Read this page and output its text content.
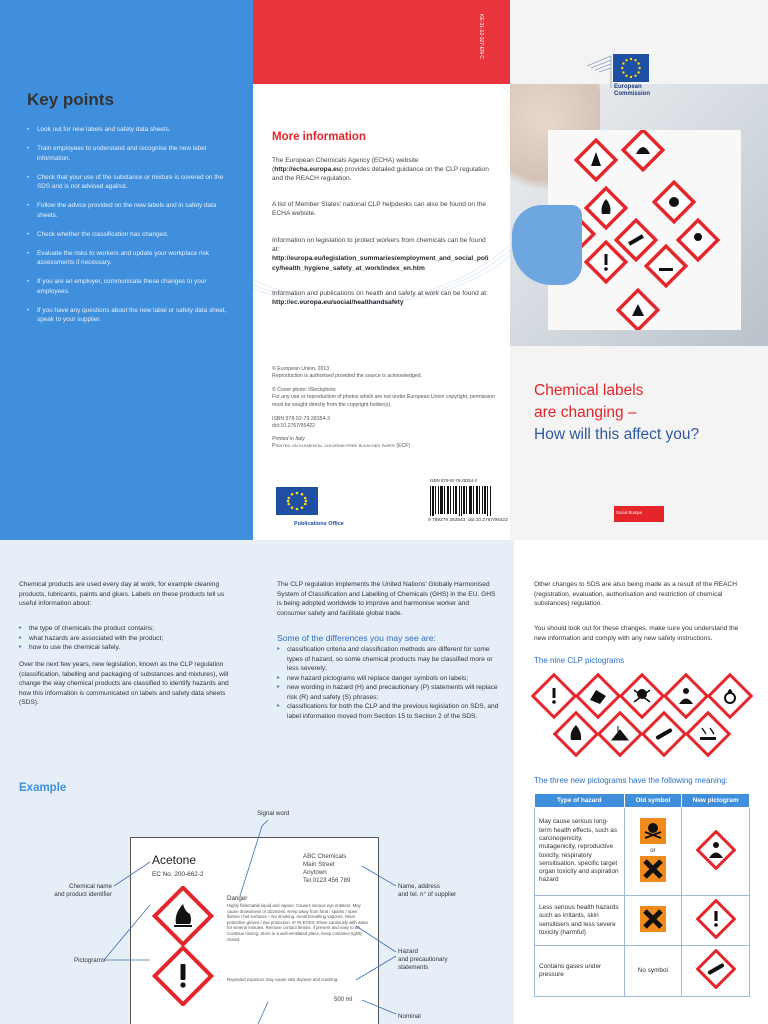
Key points
• Look out for new labels and safety data sheets.
• Train employees to understand and recognise the new label information.
• Check that your use of the substance or mixture is covered on the SDS and is not advised against.
• Follow the advice provided on the new labels and in safety data sheets.
• Check whether the classification has changed.
• Evaluate the risks to workers and update your workplace risk assessments if necessary.
• If you are an employer, communicate these changes to your employees.
• If you have any questions about the new label or safety data sheet, speak to your supplier.
KE-31-12-327-EN-C
More information
The European Chemicals Agency (ECHA) website (http://echa.europa.eu) provides detailed guidance on the CLP regulation and the REACH regulation.
A list of Member States' national CLP helpdesks can also be found on the ECHA website.
Information on legislation to protect workers from chemicals can be found at:
http://europa.eu/legislation_summaries/employment_and_social_policy/health_hygiene_safety_at_work/index_en.htm
Information and publications on health and safety at work can be found at:
http://ec.europa.eu/social/healthandsafety
© European Union, 2013
Reproduction is authorised provided the source is acknowledged.
© Cover photo: iStockphoto
For any use or reproduction of photos which are not under European Union copyright, permission must be sought directly from the copyright holder(s).
ISBN 978-92-79-28354-3
doi:10.2767/95422
Printed in Italy
Printed on elemental chlorine-free bleached paper (ECF)
Publications Office
ISBN 978-92-79-28354-3
9 789279 283543 doi:10.2767/95422
European
Commission
Chemical labels
are changing –
How will this affect you?
Social Europe
Chemical products are used every day at work, for example cleaning products, lubricants, paints and glues. Labels on these products tell us useful information about:
▸ the type of chemicals the product contains;
▸ what hazards are associated with the product;
▸ how to use the chemical safely.
Over the next few years, new legislation, known as the CLP regulation (classification, labelling and packaging of substances and mixtures), will change the way chemical products are classified to identify hazards and how this information is communicated on labels and safety data sheets (SDS).
Example
The CLP regulation implements the United Nations' Globally Harmonised System of Classification and Labelling of Chemicals (GHS) in the EU. GHS is being adopted worldwide to improve and harmonise worker and consumer safety and facilitate global trade.
Some of the differences you may see are:
▸ classification criteria and classification methods are different for some types of hazard, so some chemical products may be classified more or less severely;
▸ new hazard pictograms will replace danger symbols on labels;
▸ new wording in hazard (H) and precautionary (P) statements will replace risk (R) and safety (S) phrases;
▸ classifications for both the CLP and the previous legislation on SDS, and label information moved from Section 15 to Section 2 of the SDS.
Acetone
EC No. 200-662-2
ABC Chemicals
Main Street
Anytown
Tel.0123 456 789
Danger
Highly flammable liquid and vapour. Causes serious eye irritation. May cause drowsiness or dizziness. Keep away from heat / sparks / open flames / hot surfaces – No smoking. Avoid breathing vapours. Wear protective gloves / eye protection. IF IN EYES: Rinse cautiously with water for several minutes. Remove contact lenses, if present and easy to do. Continue rinsing. Store in a well-ventilated place. Keep container tightly closed.
Repeated exposure may cause skin dryness and cracking.
500 ml
Signal word
Chemical name
and product identifier
Pictograms
Name, address
and tel. n° of supplier
Hazard
and precautionary
statements
Nominal
Other changes to SDS are also being made as a result of the REACH (registration, evaluation, authorisation and restriction of chemical substances) regulation.
You should look out for these changes, make sure you understand the new information and comply with any new safety instructions.
The nine CLP pictograms
The three new pictograms have the following meaning:
Type of hazard	Old symbol	New pictogram
May cause serious long-term health effects, such as carcinogenicity, mutagenicity, reproductive toxicity, respiratory sensitisation, specific target organ toxicity and aspiration hazard	or

Less serious health hazards such as irritants, skin sensitisers and less severe toxicity (harmful)		
Contains gases under pressure	No symbol	
